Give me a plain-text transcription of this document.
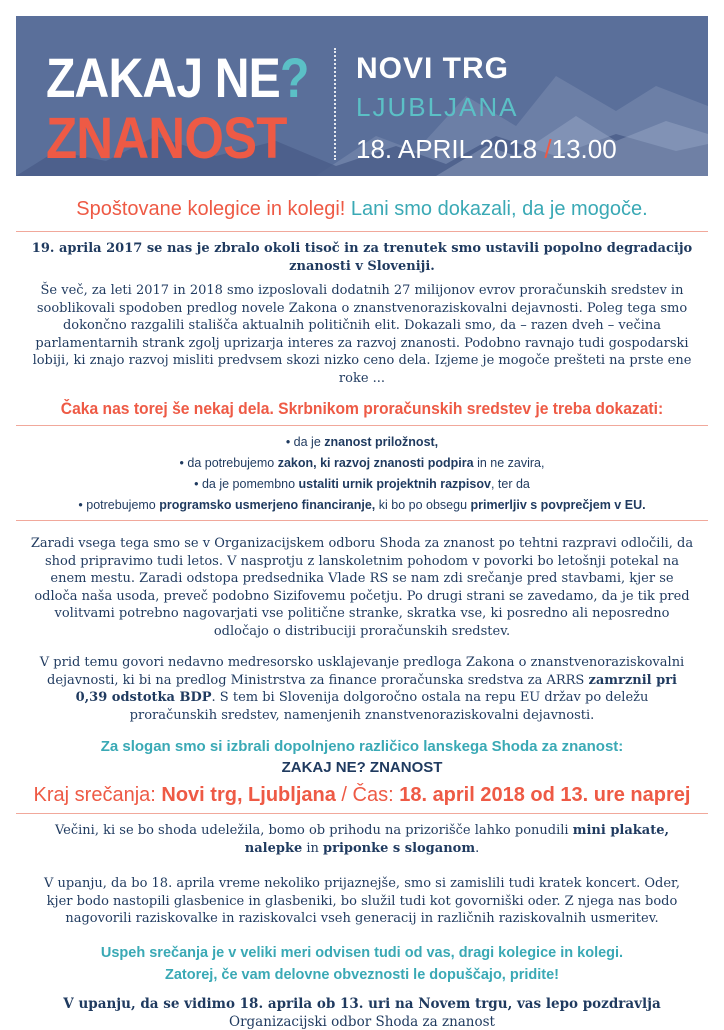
ZAKAJ NE?
ZNANOST
NOVI TRG
LJUBLJANA
18. APRIL 2018 /13.00
Spoštovane kolegice in kolegi! Lani smo dokazali, da je mogoče.
19. aprila 2017 se nas je zbralo okoli tisoč in za trenutek smo ustavili popolno degradacijo znanosti v Sloveniji.
Še več, za leti 2017 in 2018 smo izposlovali dodatnih 27 milijonov evrov proračunskih sredstev in sooblikovali spodoben predlog novele Zakona o znanstvenoraziskovalni dejavnosti. Poleg tega smo dokončno razgalili stališča aktualnih političnih elit. Dokazali smo, da – razen dveh – večina parlamentarnih strank zgolj uprizarja interes za razvoj znanosti. Podobno ravnajo tudi gospodarski lobiji, ki znajo razvoj misliti predvsem skozi nizko ceno dela. Izjeme je mogoče prešteti na prste ene roke ...
Čaka nas torej še nekaj dela. Skrbnikom proračunskih sredstev je treba dokazati:
• da je znanost priložnost,
• da potrebujemo zakon, ki razvoj znanosti podpira in ne zavira,
• da je pomembno ustaliti urnik projektnih razpisov, ter da
• potrebujemo programsko usmerjeno financiranje, ki bo po obsegu primerljiv s povprečjem v EU.
Zaradi vsega tega smo se v Organizacijskem odboru Shoda za znanost po tehtni razpravi odločili, da shod pripravimo tudi letos. V nasprotju z lanskoletnim pohodom v povorki bo letošnji potekal na enem mestu. Zaradi odstopa predsednika Vlade RS se nam zdi srečanje pred stavbami, kjer se odloča naša usoda, preveč podobno Sizifovemu početju. Po drugi strani se zavedamo, da je tik pred volitvami potrebno nagovarjati vse politične stranke, skratka vse, ki posredno ali neposredno odločajo o distribuciji proračunskih sredstev.
V prid temu govori nedavno medresorsko usklajevanje predloga Zakona o znanstvenoraziskovalni dejavnosti, ki bi na predlog Ministrstva za finance proračunska sredstva za ARRS zamrznil pri 0,39 odstotka BDP. S tem bi Slovenija dolgoročno ostala na repu EU držav po deležu proračunskih sredstev, namenjenih znanstvenoraziskovalni dejavnosti.
Za slogan smo si izbrali dopolnjeno različico lanskega Shoda za znanost:
ZAKAJ NE? ZNANOST
Kraj srečanja: Novi trg, Ljubljana / Čas: 18. april 2018 od 13. ure naprej
Večini, ki se bo shoda udeležila, bomo ob prihodu na prizorišče lahko ponudili mini plakate,
nalepke in priponke s sloganom.
V upanju, da bo 18. aprila vreme nekoliko prijaznejše, smo si zamislili tudi kratek koncert. Oder, kjer bodo nastopili glasbenice in glasbeniki, bo služil tudi kot govorniški oder. Z njega nas bodo nagovorili raziskovalke in raziskovalci vseh generacij in različnih raziskovalnih usmeritev.
Uspeh srečanja je v veliki meri odvisen tudi od vas, dragi kolegice in kolegi.
Zatorej, če vam delovne obveznosti le dopuščajo, pridite!
V upanju, da se vidimo 18. aprila ob 13. uri na Novem trgu, vas lepo pozdravlja
Organizacijski odbor Shoda za znanost
